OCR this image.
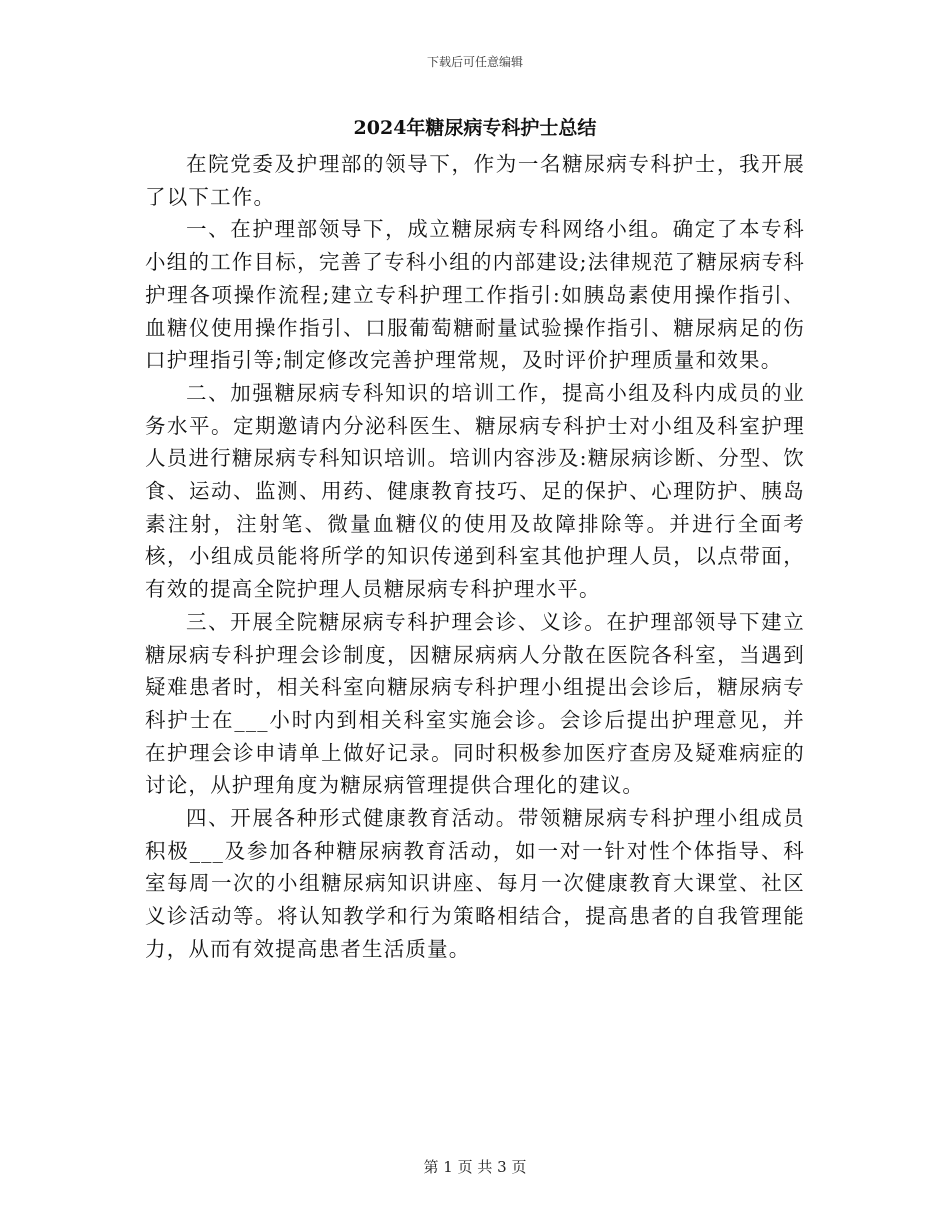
下载后可任意编辑
2024年糖尿病专科护士总结

在院党委及护理部的领导下，作为一名糖尿病专科护士，我开展了以下工作。

一、在护理部领导下，成立糖尿病专科网络小组。确定了本专科小组的工作目标，完善了专科小组的内部建设;法律规范了糖尿病专科护理各项操作流程;建立专科护理工作指引:如胰岛素使用操作指引、血糖仪使用操作指引、口服葡萄糖耐量试验操作指引、糖尿病足的伤口护理指引等;制定修改完善护理常规，及时评价护理质量和效果。

二、加强糖尿病专科知识的培训工作，提高小组及科内成员的业务水平。定期邀请内分泌科医生、糖尿病专科护士对小组及科室护理人员进行糖尿病专科知识培训。培训内容涉及:糖尿病诊断、分型、饮食、运动、监测、用药、健康教育技巧、足的保护、心理防护、胰岛素注射，注射笔、微量血糖仪的使用及故障排除等。并进行全面考核，小组成员能将所学的知识传递到科室其他护理人员，以点带面，有效的提高全院护理人员糖尿病专科护理水平。

三、开展全院糖尿病专科护理会诊、义诊。在护理部领导下建立糖尿病专科护理会诊制度，因糖尿病病人分散在医院各科室，当遇到疑难患者时，相关科室向糖尿病专科护理小组提出会诊后，糖尿病专科护士在___小时内到相关科室实施会诊。会诊后提出护理意见，并在护理会诊申请单上做好记录。同时积极参加医疗查房及疑难病症的讨论，从护理角度为糖尿病管理提供合理化的建议。

四、开展各种形式健康教育活动。带领糖尿病专科护理小组成员积极___及参加各种糖尿病教育活动，如一对一针对性个体指导、科室每周一次的小组糖尿病知识讲座、每月一次健康教育大课堂、社区义诊活动等。将认知教学和行为策略相结合，提高患者的自我管理能力，从而有效提高患者生活质量。

第 1 页 共 3 页
